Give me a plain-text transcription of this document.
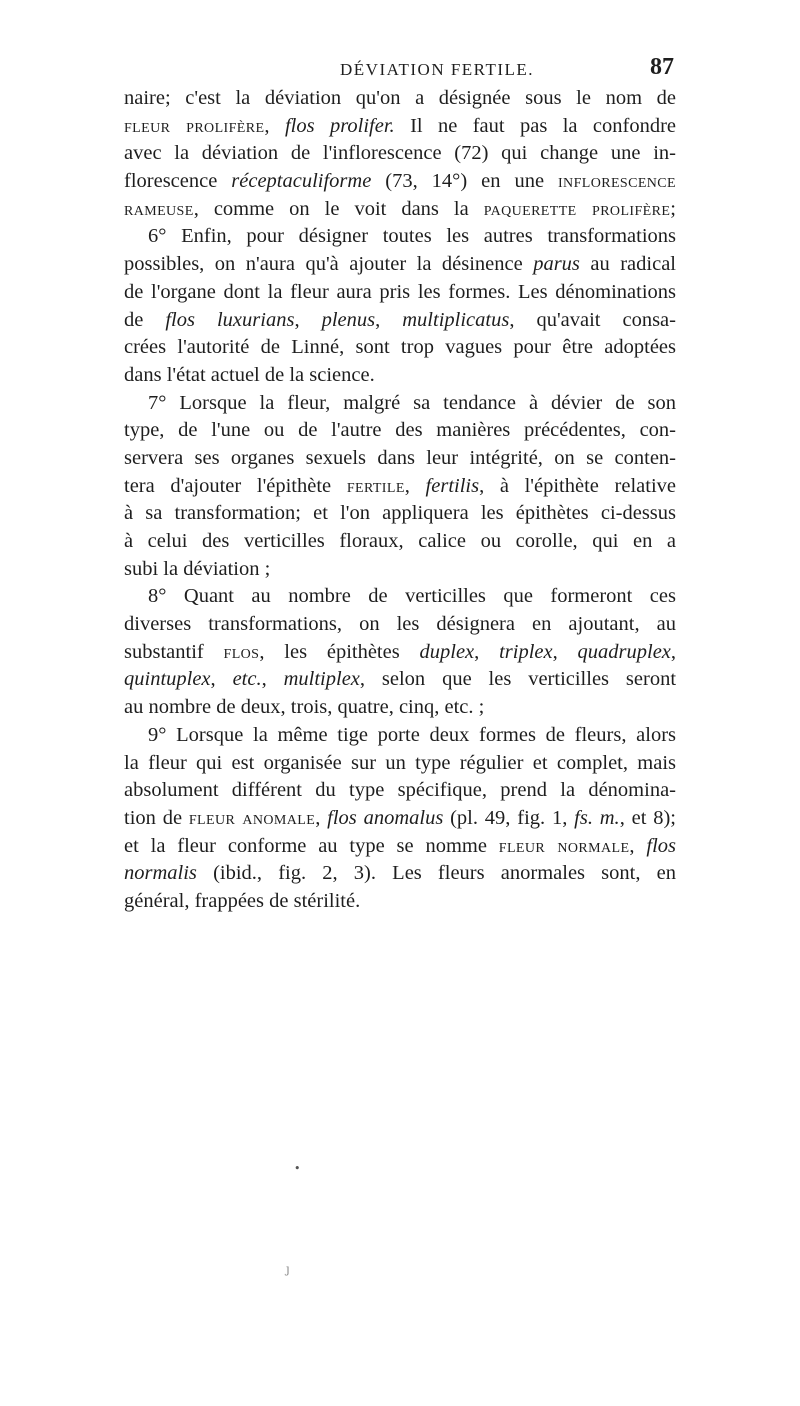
DÉVIATION FERTILE.	87
naire; c'est la déviation qu'on a désignée sous le nom de
fleur prolifère, flos prolifer. Il ne faut pas la confondre
avec la déviation de l'inflorescence (72) qui change une in-
florescence réceptaculiforme (73, 14°) en une inflorescence
rameuse, comme on le voit dans la paquerette prolifère;
6° Enfin, pour désigner toutes les autres transformations
possibles, on n'aura qu'à ajouter la désinence parus au radical
de l'organe dont la fleur aura pris les formes. Les dénominations
de flos luxurians, plenus, multiplicatus, qu'avait consa-
crées l'autorité de Linné, sont trop vagues pour être adoptées
dans l'état actuel de la science.
7° Lorsque la fleur, malgré sa tendance à dévier de son
type, de l'une ou de l'autre des manières précédentes, con-
servera ses organes sexuels dans leur intégrité, on se conten-
tera d'ajouter l'épithète fertile, fertilis, à l'épithète relative
à sa transformation; et l'on appliquera les épithètes ci-dessus
à celui des verticilles floraux, calice ou corolle, qui en a
subi la déviation ;
8° Quant au nombre de verticilles que formeront ces
diverses transformations, on les désignera en ajoutant, au
substantif flos, les épithètes duplex, triplex, quadruplex,
quintuplex, etc., multiplex, selon que les verticilles seront
au nombre de deux, trois, quatre, cinq, etc. ;
9° Lorsque la même tige porte deux formes de fleurs, alors
la fleur qui est organisée sur un type régulier et complet, mais
absolument différent du type spécifique, prend la dénomina-
tion de fleur anomale, flos anomalus (pl. 49, fig. 1, fs. m., et 8);
et la fleur conforme au type se nomme fleur normale, flos
normalis (ibid., fig. 2, 3). Les fleurs anormales sont, en
général, frappées de stérilité.
•
ȷ
